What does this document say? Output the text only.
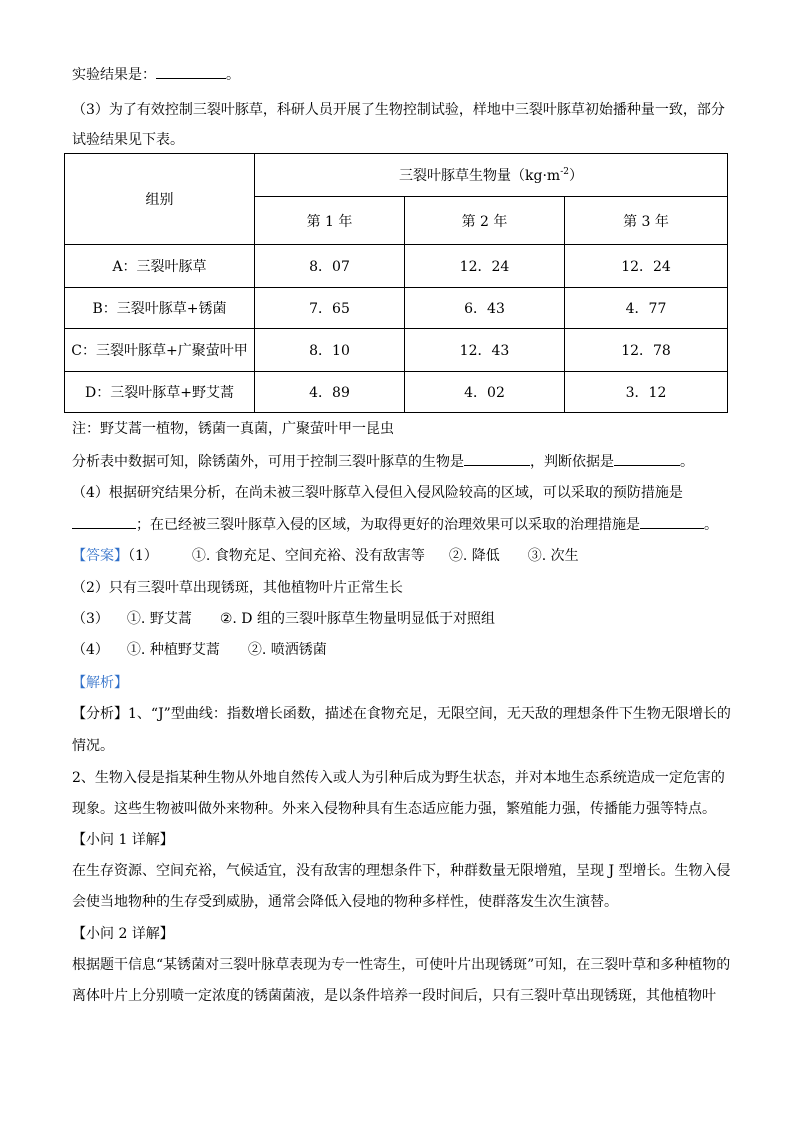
实验结果是：	。
（3）为了有效控制三裂叶豚草，科研人员开展了生物控制试验，样地中三裂叶豚草初始播种量一致，部分
试验结果见下表。
组别	三裂叶豚草生物量$(kg\cdot m^{-2})$		
	第 1 年	第 2 年	第 3 年
A：三裂叶豚草	8．07	12．24	12．24
B：三裂叶豚草+锈菌	7．65	6．43	4．77
C：三裂叶豚草+广聚萤叶甲	8．10	12．43	12．78
D：三裂叶豚草+野艾蒿	4．89	4．02	3．12
注：野艾蒿一植物，锈菌一真菌，广聚萤叶甲一昆虫
分析表中数据可知，除锈菌外，可用于控制三裂叶豚草的生物是	，判断依据是	。
（4）根据研究结果分析，在尚未被三裂叶豚草入侵但入侵风险较高的区域，可以采取的预防措施是
；在已经被三裂叶豚草入侵的区域，为取得更好的治理效果可以采取的治理措施是	。
【答案】（1） ①. 食物充足、空间充裕、没有敌害等 ②. 降低 ③. 次生
（2）只有三裂叶草出现锈斑，其他植物叶片正常生长
（3） ①. 野艾蒿 ②. D 组的三裂叶豚草生物量明显低于对照组
（4） ①. 种植野艾蒿 ②. 喷洒锈菌
【解析】
【分析】1、“J”型曲线：指数增长函数，描述在食物充足，无限空间，无天敌的理想条件下生物无限增长的
情况。
2、生物入侵是指某种生物从外地自然传入或人为引种后成为野生状态，并对本地生态系统造成一定危害的
现象。这些生物被叫做外来物种。外来入侵物种具有生态适应能力强，繁殖能力强，传播能力强等特点。
【小问 1 详解】
在生存资源、空间充裕，气候适宜，没有敌害的理想条件下，种群数量无限增殖，呈现 J 型增长。生物入侵
会使当地物种的生存受到威胁，通常会降低入侵地的物种多样性，使群落发生次生演替。
【小问 2 详解】
根据题干信息“某锈菌对三裂叶脉草表现为专一性寄生，可使叶片出现锈斑”可知，在三裂叶草和多种植物的
离体叶片上分别喷一定浓度的锈菌菌液，是以条件培养一段时间后，只有三裂叶草出现锈斑，其他植物叶
